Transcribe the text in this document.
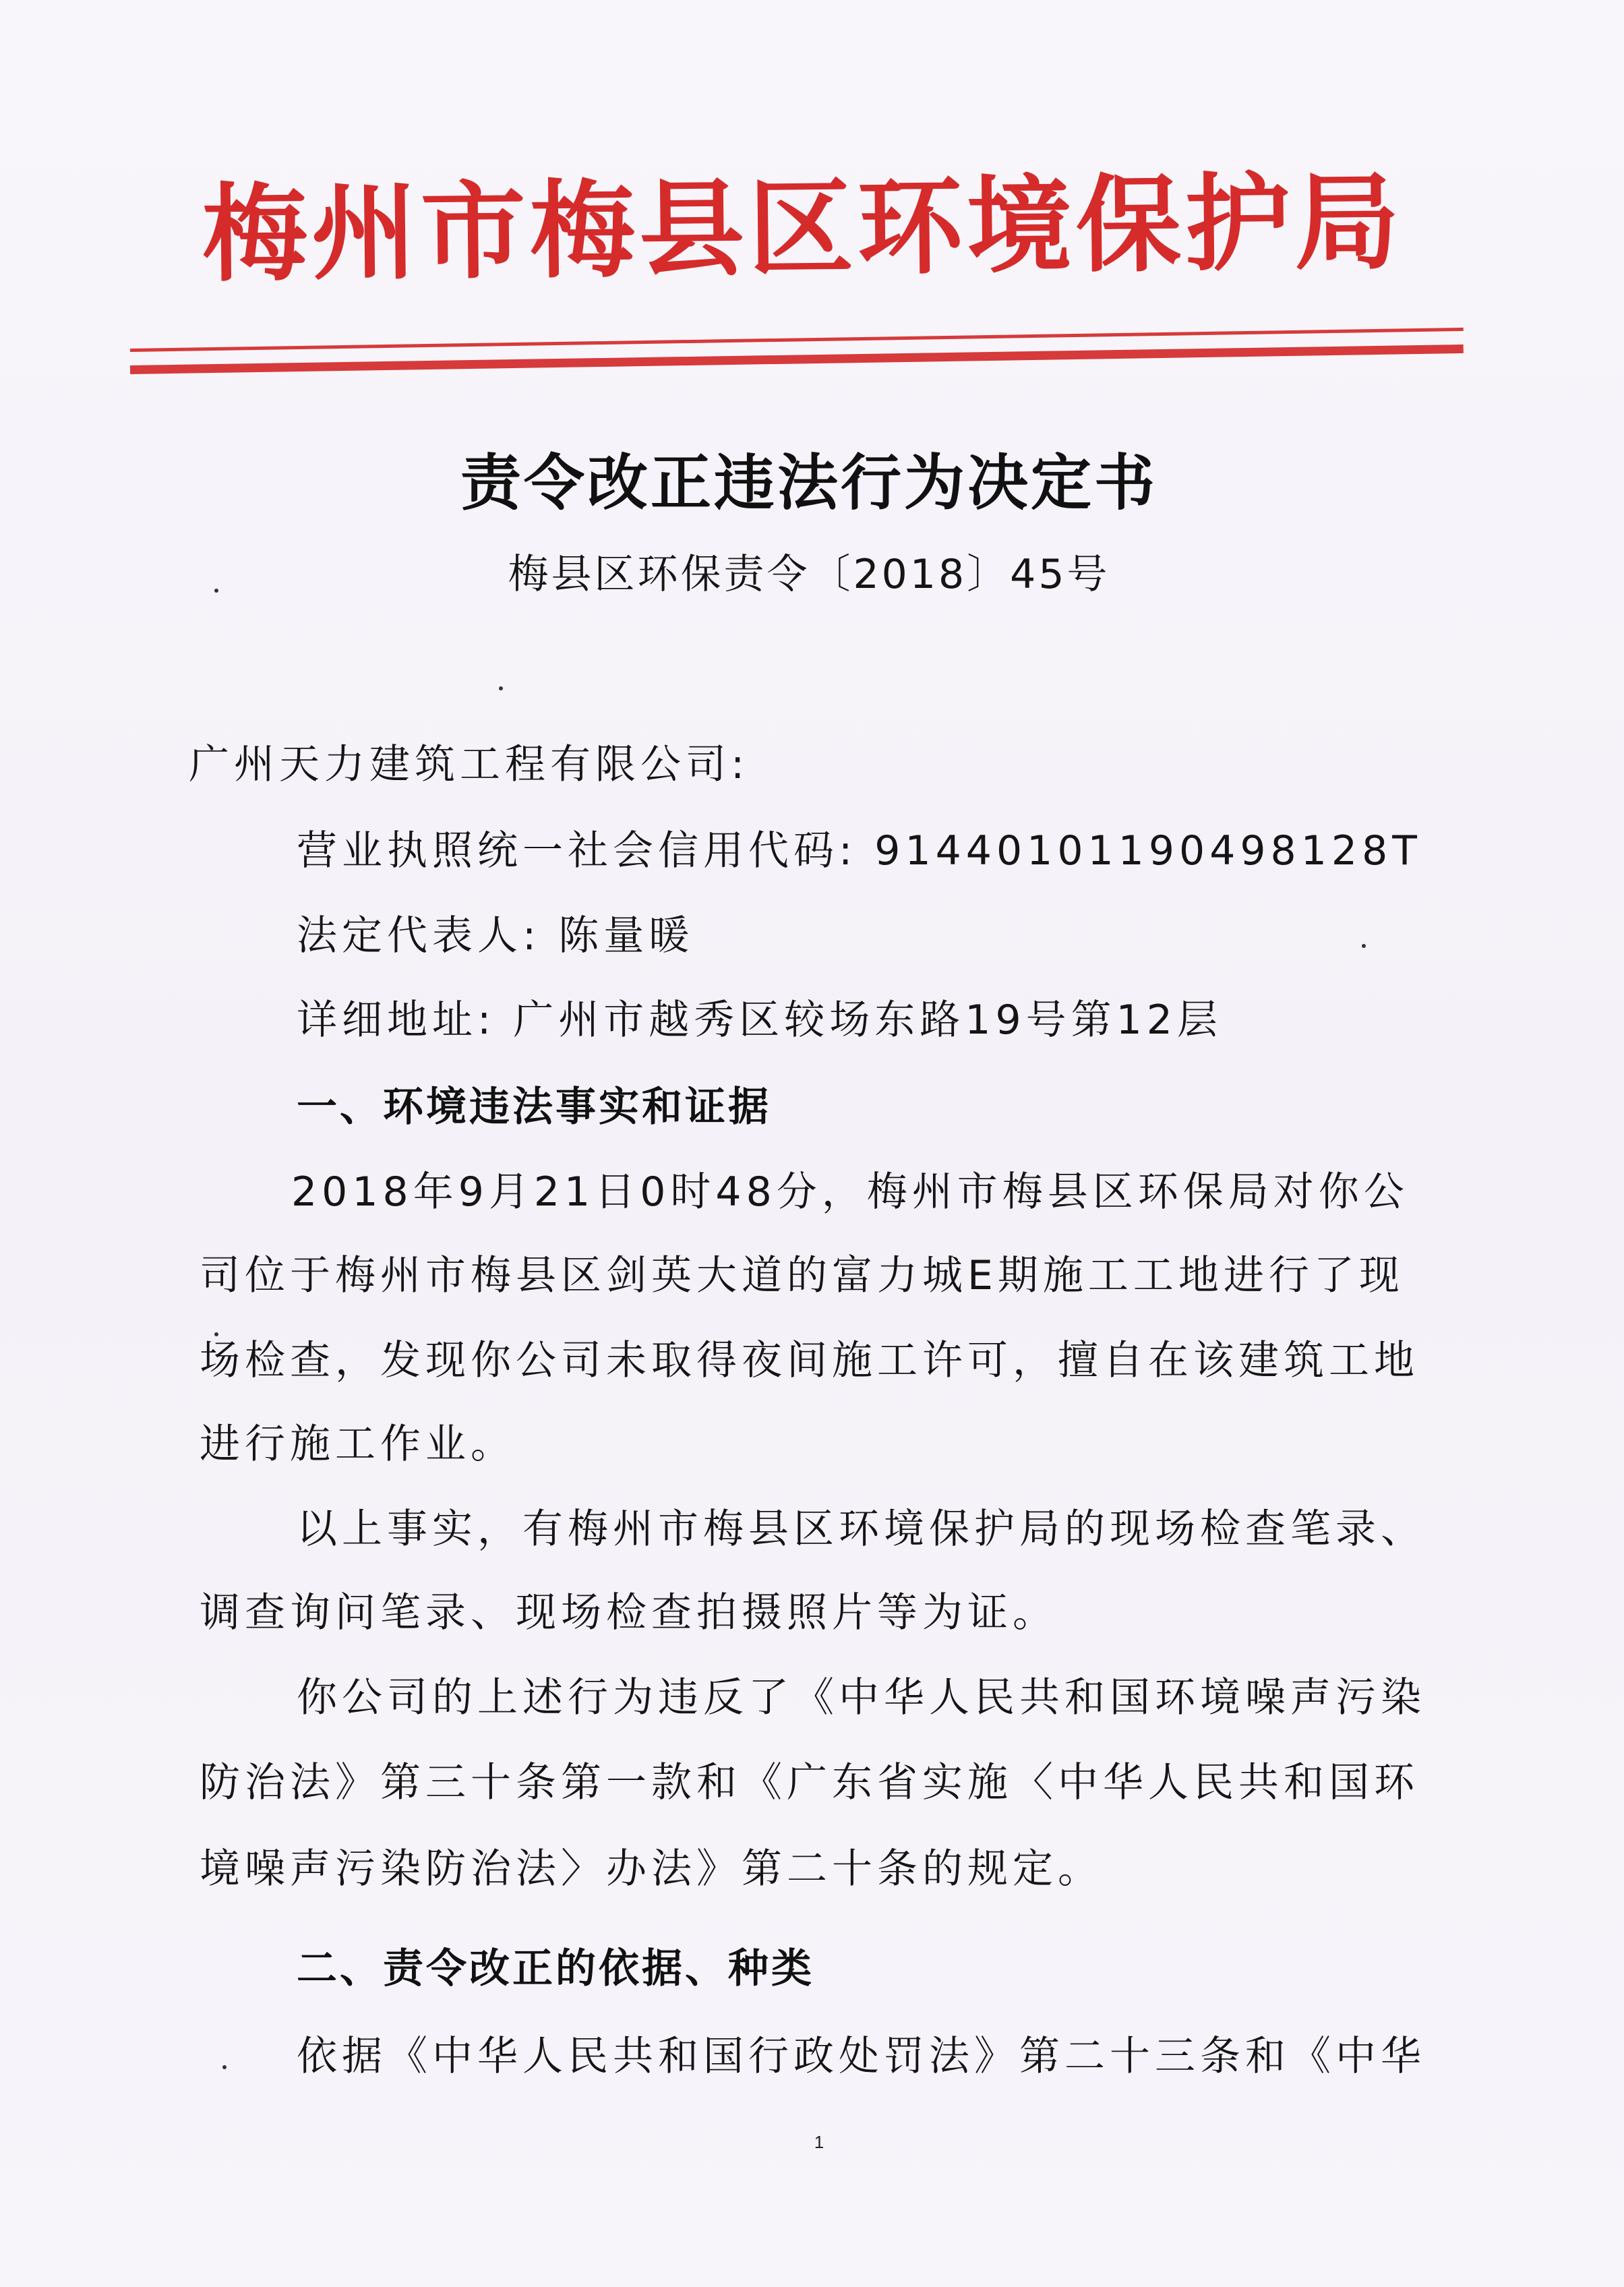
梅州市梅县区环境保护局
责令改正违法行为决定书
梅县区环保责令〔2018〕45号
广州天力建筑工程有限公司:
营业执照统一社会信用代码: 91440101190498128T
法定代表人: 陈量暖
详细地址: 广州市越秀区较场东路19号第12层
一、环境违法事实和证据
2018年9月21日0时48分，梅州市梅县区环保局对你公
司位于梅州市梅县区剑英大道的富力城E期施工工地进行了现
场检查，发现你公司未取得夜间施工许可，擅自在该建筑工地
进行施工作业。
以上事实，有梅州市梅县区环境保护局的现场检查笔录、
调查询问笔录、现场检查拍摄照片等为证。
你公司的上述行为违反了《中华人民共和国环境噪声污染
防治法》第三十条第一款和《广东省实施〈中华人民共和国环
境噪声污染防治法〉办法》第二十条的规定。
二、责令改正的依据、种类
依据《中华人民共和国行政处罚法》第二十三条和《中华
1
